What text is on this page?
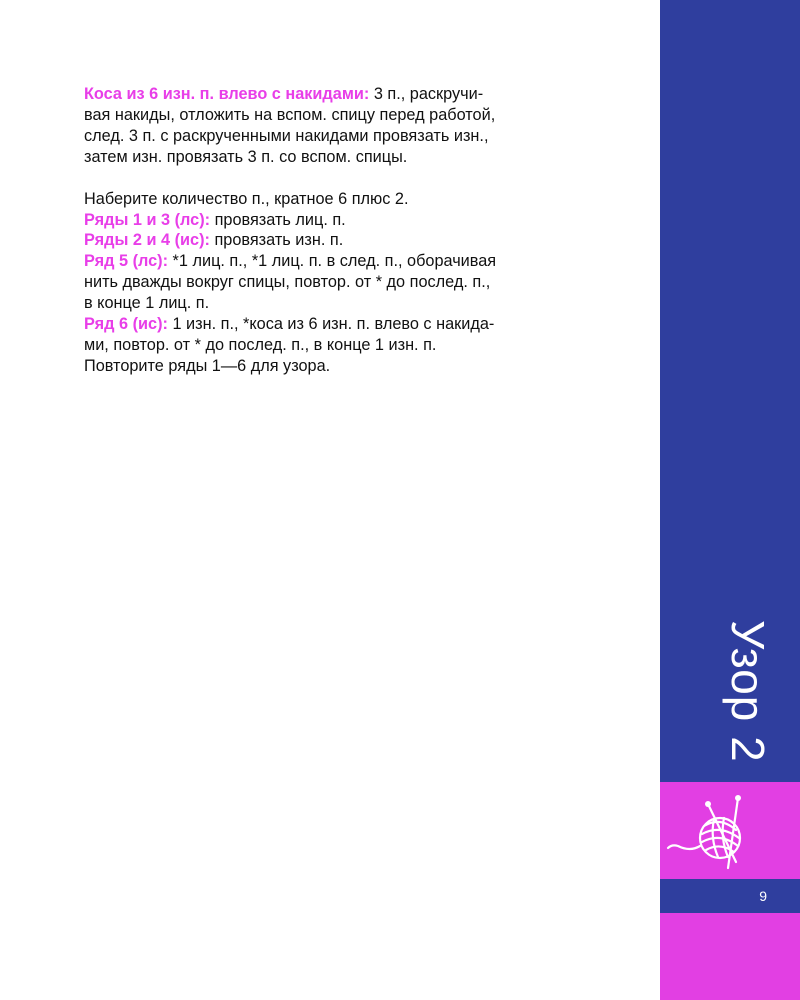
Коса из 6 изн. п. влево с накидами: 3 п., раскручи-
вая накиды, отложить на вспом. спицу перед работой,
след. 3 п. с раскрученными накидами провязать изн.,
затем изн. провязать 3 п. со вспом. спицы.

Наберите количество п., кратное 6 плюс 2.

Ряды 1 и 3 (лс): провязать лиц. п.

Ряды 2 и 4 (ис): провязать изн. п.

Ряд 5 (лс): *1 лиц. п., *1 лиц. п. в след. п., оборачивая
нить дважды вокруг спицы, повтор. от * до послед. п.,
в конце 1 лиц. п.

Ряд 6 (ис): 1 изн. п., *коса из 6 изн. п. влево с накида-
ми, повтор. от * до послед. п., в конце 1 изн. п.

Повторите ряды 1—6 для узора.

Узор 2
9
